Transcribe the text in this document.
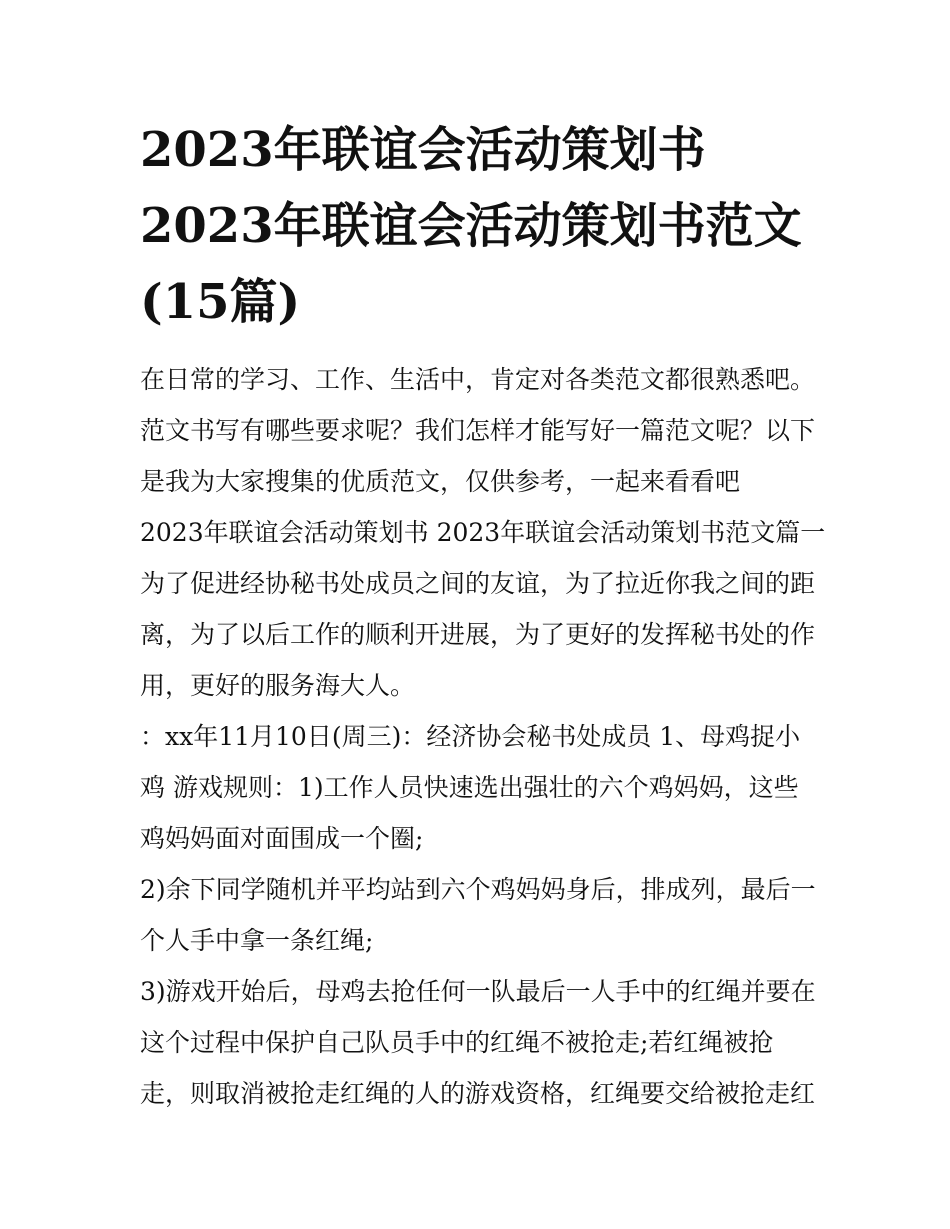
2023年联谊会活动策划书
2023年联谊会活动策划书范文
(15篇)
在日常的学习、工作、生活中，肯定对各类范文都很熟悉吧。
范文书写有哪些要求呢？我们怎样才能写好一篇范文呢？以下
是我为大家搜集的优质范文，仅供参考，一起来看看吧
2023年联谊会活动策划书 2023年联谊会活动策划书范文篇一
为了促进经协秘书处成员之间的友谊，为了拉近你我之间的距
离，为了以后工作的顺利开进展，为了更好的发挥秘书处的作
用，更好的服务海大人。
：xx年11月10日(周三)：经济协会秘书处成员 1、母鸡捉小
鸡 游戏规则：1)工作人员快速选出强壮的六个鸡妈妈，这些
鸡妈妈面对面围成一个圈;
2)余下同学随机并平均站到六个鸡妈妈身后，排成列，最后一
个人手中拿一条红绳;
3)游戏开始后，母鸡去抢任何一队最后一人手中的红绳并要在
这个过程中保护自己队员手中的红绳不被抢走;若红绳被抢
走，则取消被抢走红绳的人的游戏资格，红绳要交给被抢走红
